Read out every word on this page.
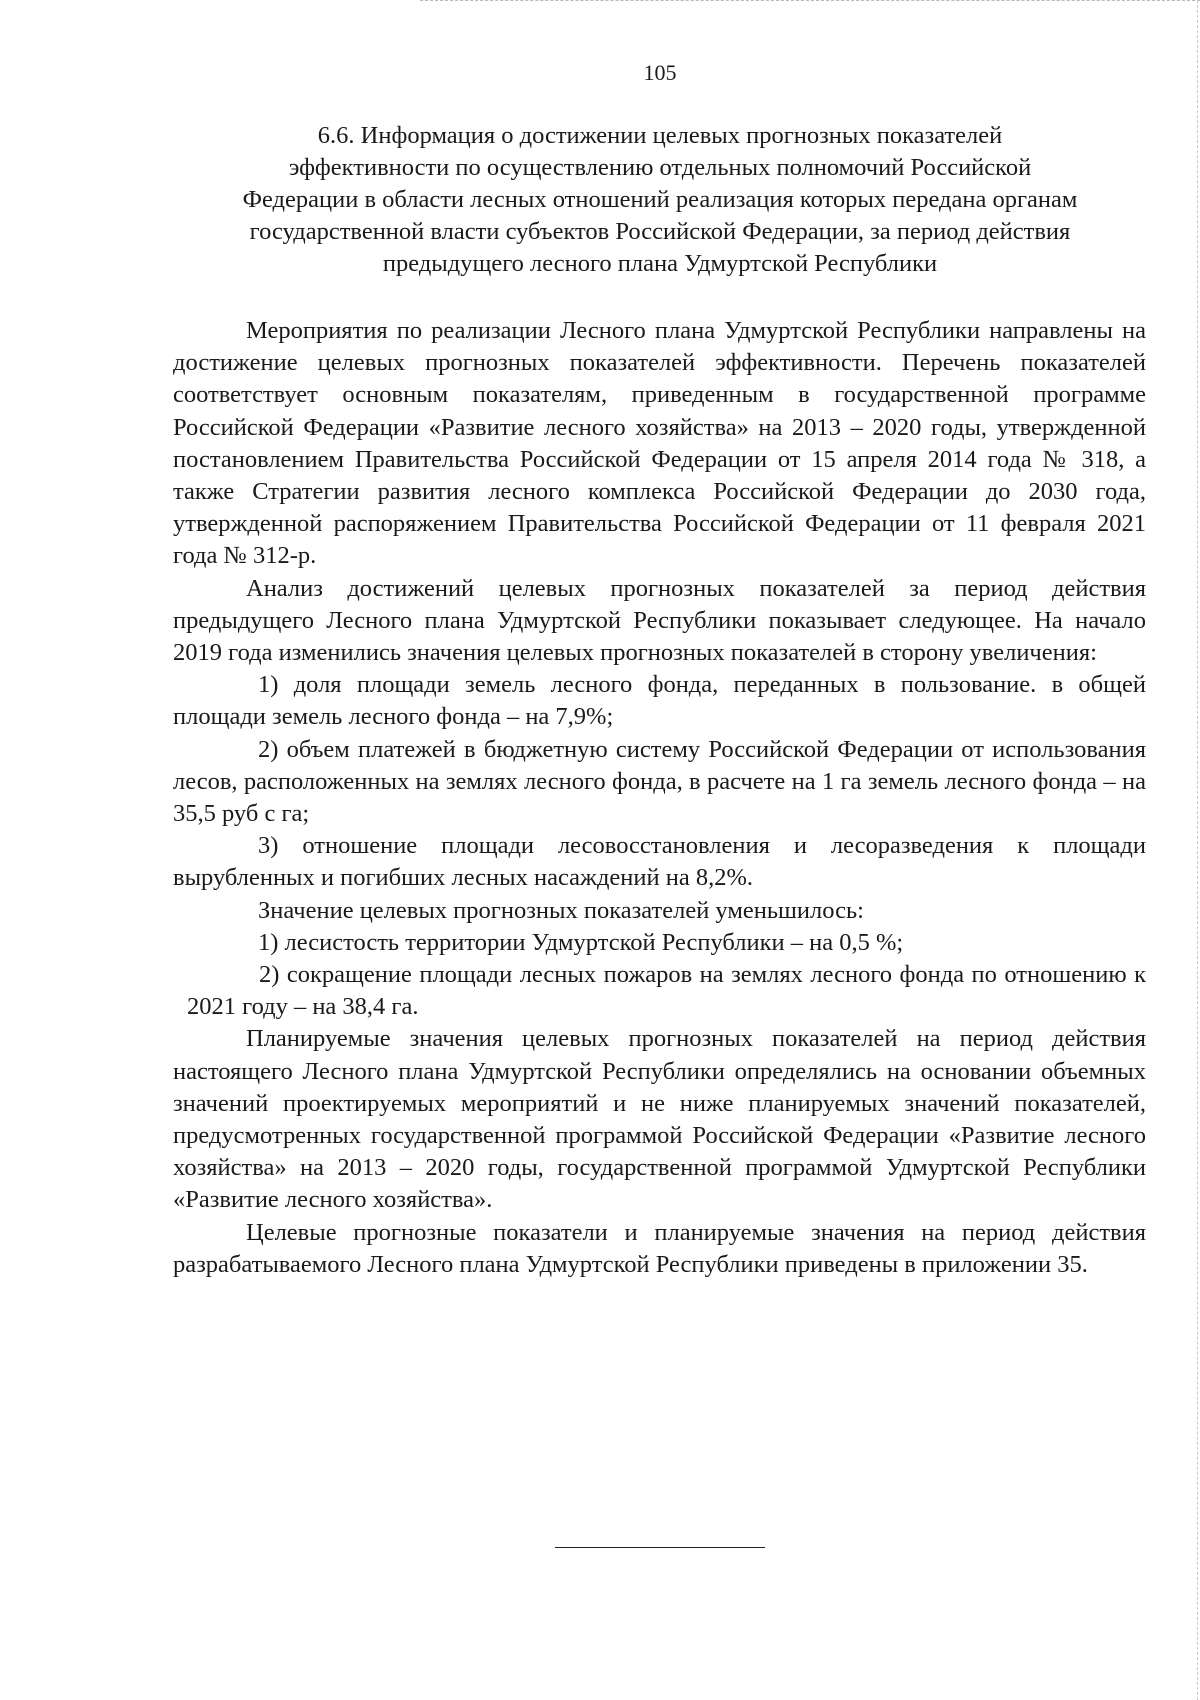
105
6.6. Информация о достижении целевых прогнозных показателей
эффективности по осуществлению отдельных полномочий Российской
Федерации в области лесных отношений реализация которых передана органам
государственной власти субъектов Российской Федерации, за период действия
предыдущего лесного плана Удмуртской Республики

Мероприятия по реализации Лесного плана Удмуртской Республики направлены на достижение целевых прогнозных показателей эффективности. Перечень показателей соответствует основным показателям, приведенным в государственной программе Российской Федерации «Развитие лесного хозяйства» на 2013 – 2020 годы, утвержденной постановлением Правительства Российской Федерации от 15 апреля 2014 года № 318, а также Стратегии развития лесного комплекса Российской Федерации до 2030 года, утвержденной распоряжением Правительства Российской Федерации от 11 февраля 2021 года № 312-р.

Анализ достижений целевых прогнозных показателей за период действия предыдущего Лесного плана Удмуртской Республики показывает следующее. На начало 2019 года изменились значения целевых прогнозных показателей в сторону увеличения:

1) доля площади земель лесного фонда, переданных в пользование. в общей площади земель лесного фонда – на 7,9%;

2) объем платежей в бюджетную систему Российской Федерации от использования лесов, расположенных на землях лесного фонда, в расчете на 1 га земель лесного фонда – на 35,5 руб с га;

3) отношение площади лесовосстановления и лесоразведения к площади вырубленных и погибших лесных насаждений на 8,2%.

Значение целевых прогнозных показателей уменьшилось:

1) лесистость территории Удмуртской Республики – на 0,5 %;

2) сокращение площади лесных пожаров на землях лесного фонда по отношению к 2021 году – на 38,4 га.

Планируемые значения целевых прогнозных показателей на период действия настоящего Лесного плана Удмуртской Республики определялись на основании объемных значений проектируемых мероприятий и не ниже планируемых значений показателей, предусмотренных государственной программой Российской Федерации «Развитие лесного хозяйства» на 2013 – 2020 годы, государственной программой Удмуртской Республики «Развитие лесного хозяйства».

Целевые прогнозные показатели и планируемые значения на период действия разрабатываемого Лесного плана Удмуртской Республики приведены в приложении 35.
